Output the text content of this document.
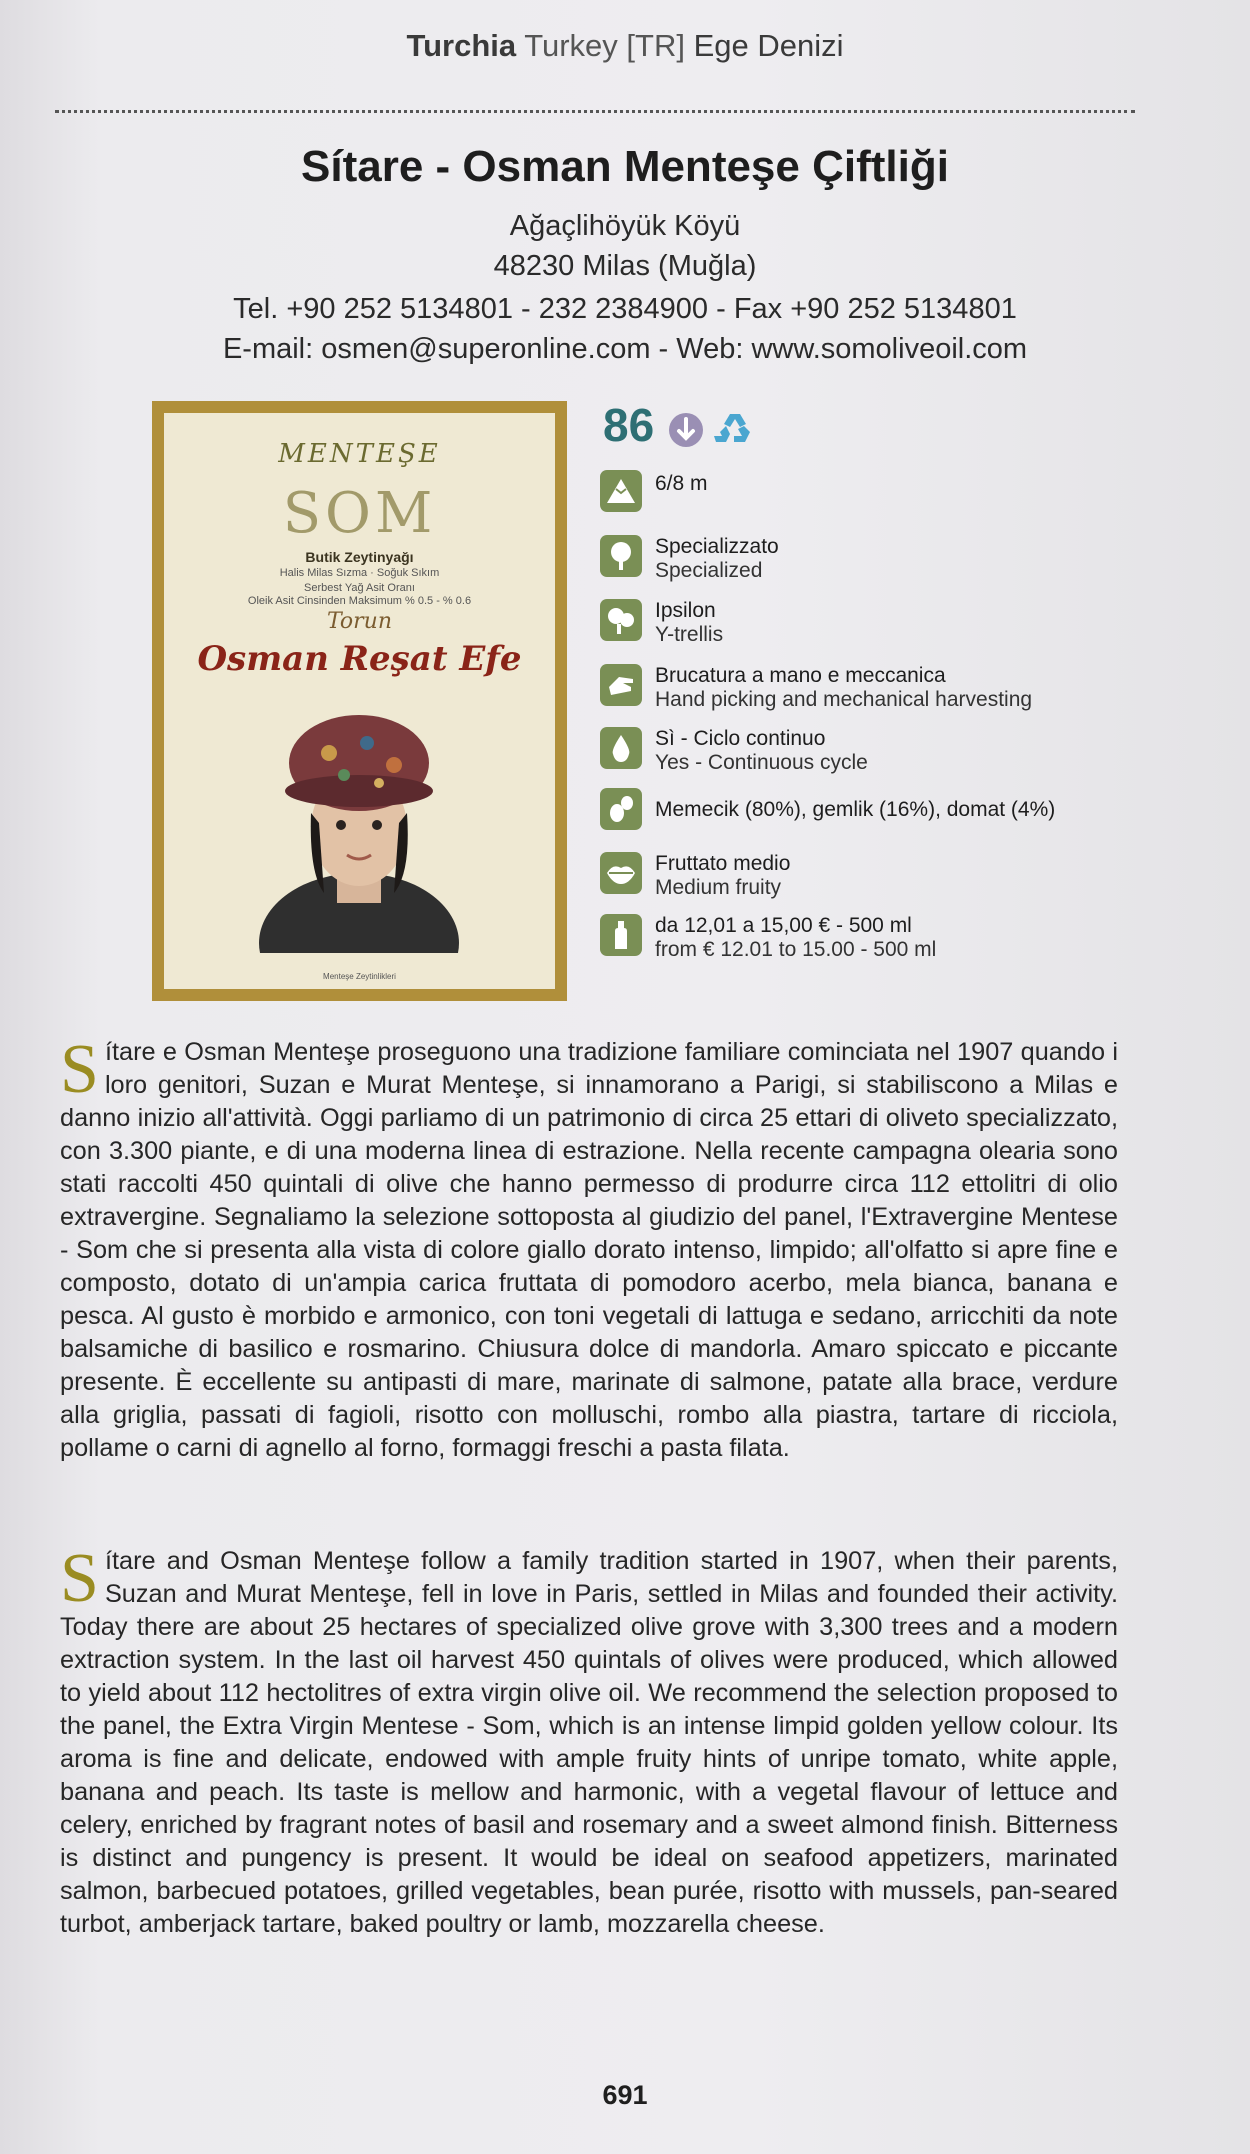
Turchia Turkey [TR] Ege Denizi
Sítare - Osman Menteşe Çiftliği
Ağaçlihöyük Köyü
48230 Milas (Muğla)
Tel. +90 252 5134801 - 232 2384900 - Fax +90 252 5134801
E-mail: osmen@superonline.com - Web: www.somoliveoil.com
MENTEŞE
SOM
Butik Zeytinyağı
Halis Milas Sızma · Soğuk Sıkım
Serbest Yağ Asit Oranı
Oleik Asit Cinsinden Maksimum % 0.5 - % 0.6
Torun
Osman Reşat Efe
Menteşe Zeytinlikleri
86
6/8 m
Specializzato
Specialized
Ipsilon
Y-trellis
Brucatura a mano e meccanica
Hand picking and mechanical harvesting
Sì - Ciclo continuo
Yes - Continuous cycle
Memecik (80%), gemlik (16%), domat (4%)
Fruttato medio
Medium fruity
da 12,01 a 15,00 € - 500 ml
from € 12.01 to 15.00 - 500 ml
Sítare e Osman Menteşe proseguono una tradizione familiare cominciata nel 1907 quando i loro genitori, Suzan e Murat Menteşe, si innamorano a Parigi, si stabiliscono a Milas e danno inizio all'attività. Oggi parliamo di un patrimonio di circa 25 ettari di oliveto specializzato, con 3.300 piante, e di una moderna linea di estrazione. Nella recente campagna olearia sono stati raccolti 450 quintali di olive che hanno permesso di produrre circa 112 ettolitri di olio extravergine. Segnaliamo la selezione sottoposta al giudizio del panel, l'Extravergine Mentese - Som che si presenta alla vista di colore giallo dorato intenso, limpido; all'olfatto si apre fine e composto, dotato di un'ampia carica fruttata di pomodoro acerbo, mela bianca, banana e pesca. Al gusto è morbido e armonico, con toni vegetali di lattuga e sedano, arricchiti da note balsamiche di basilico e rosmarino. Chiusura dolce di mandorla. Amaro spiccato e piccante presente. È eccellente su antipasti di mare, marinate di salmone, patate alla brace, verdure alla griglia, passati di fagioli, risotto con molluschi, rombo alla piastra, tartare di ricciola, pollame o carni di agnello al forno, formaggi freschi a pasta filata.
Sítare and Osman Menteşe follow a family tradition started in 1907, when their parents, Suzan and Murat Menteşe, fell in love in Paris, settled in Milas and founded their activity. Today there are about 25 hectares of specialized olive grove with 3,300 trees and a modern extraction system. In the last oil harvest 450 quintals of olives were produced, which allowed to yield about 112 hectolitres of extra virgin olive oil. We recommend the selection proposed to the panel, the Extra Virgin Mentese - Som, which is an intense limpid golden yellow colour. Its aroma is fine and delicate, endowed with ample fruity hints of unripe tomato, white apple, banana and peach. Its taste is mellow and harmonic, with a vegetal flavour of lettuce and celery, enriched by fragrant notes of basil and rosemary and a sweet almond finish. Bitterness is distinct and pungency is present. It would be ideal on seafood appetizers, marinated salmon, barbecued potatoes, grilled vegetables, bean purée, risotto with mussels, pan-seared turbot, amberjack tartare, baked poultry or lamb, mozzarella cheese.
691
